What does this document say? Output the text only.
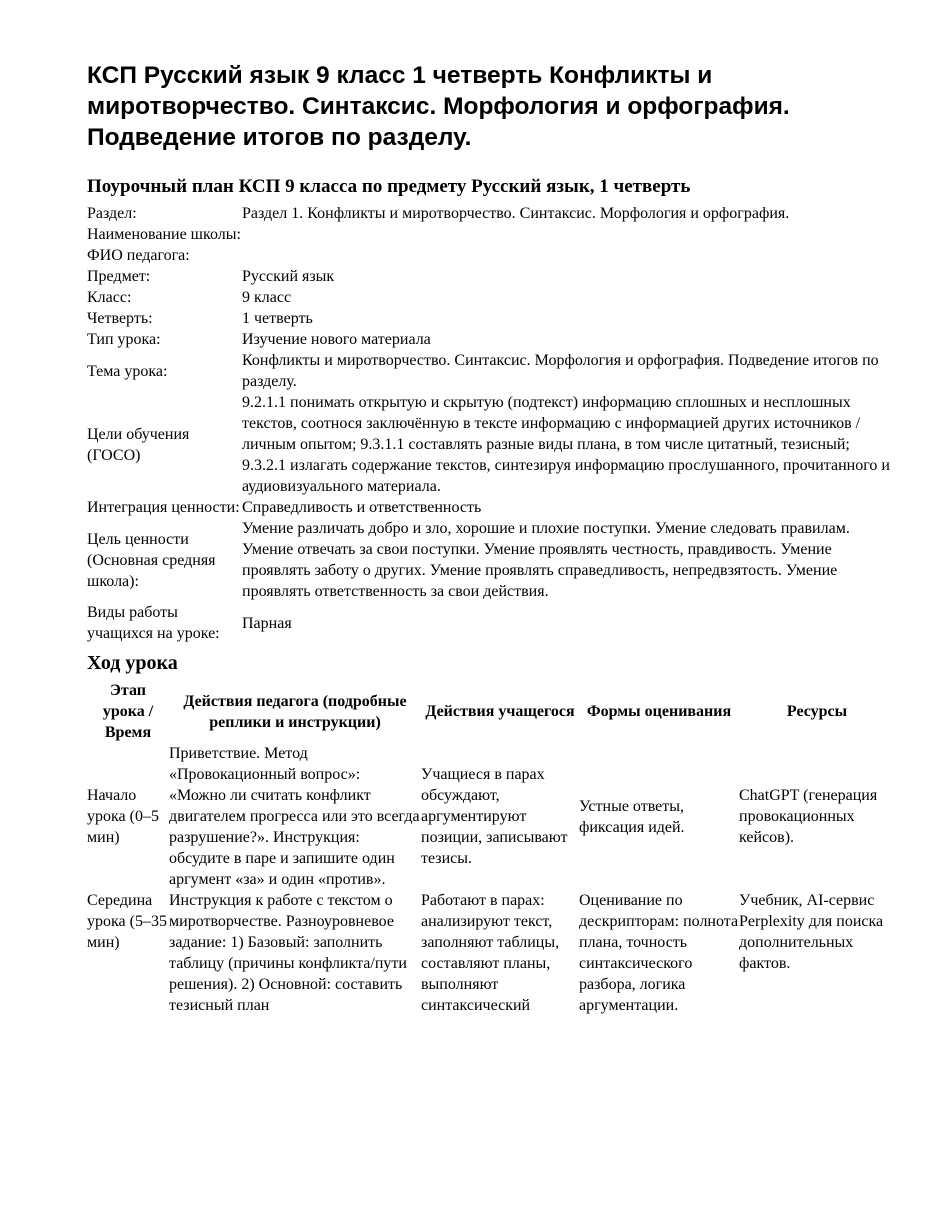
КСП Русский язык 9 класс 1 четверть Конфликты и миротворчество. Синтаксис. Морфология и орфография. Подведение итогов по разделу.
Поурочный план КСП 9 класса по предмету Русский язык, 1 четверть
Раздел:	Раздел 1. Конфликты и миротворчество. Синтаксис. Морфология и орфография.
Наименование школы:	
ФИО педагога:	
Предмет:	Русский язык
Класс:	9 класс
Четверть:	1 четверть
Тип урока:	Изучение нового материала
Тема урока:	Конфликты и миротворчество. Синтаксис. Морфология и орфография. Подведение итогов по разделу.
Цели обучения (ГОСО)	9.2.1.1 понимать открытую и скрытую (подтекст) информацию сплошных и несплошных текстов, соотнося заключённую в тексте информацию с информацией других источников /личным опытом; 9.3.1.1 составлять разные виды плана, в том числе цитатный, тезисный; 9.3.2.1 излагать содержание текстов, синтезируя информацию прослушанного, прочитанного и аудиовизуального материала.
Интеграция ценности:	Справедливость и ответственность
Цель ценности (Основная средняя школа):	Умение различать добро и зло, хорошие и плохие поступки. Умение следовать правилам. Умение отвечать за свои поступки. Умение проявлять честность, правдивость. Умение проявлять заботу о других. Умение проявлять справедливость, непредвзятость. Умение проявлять ответственность за свои действия.
Виды работы учащихся на уроке:	Парная
Ход урока
Этап урока / Время	Действия педагога (подробные реплики и инструкции)	Действия учащегося	Формы оценивания	Ресурсы
Начало урока (0–5 мин)	Приветствие. Метод «Провокационный вопрос»: «Можно ли считать конфликт двигателем прогресса или это всегда разрушение?». Инструкция: обсудите в паре и запишите один аргумент «за» и один «против».	Учащиеся в парах обсуждают, аргументируют позиции, записывают тезисы.	Устные ответы, фиксация идей.	ChatGPT (генерация провокационных кейсов).
Середина урока (5–35 мин)	Инструкция к работе с текстом о миротворчестве. Разноуровневое задание: 1) Базовый: заполнить таблицу (причины конфликта/пути решения). 2) Основной: составить тезисный план	Работают в парах: анализируют текст, заполняют таблицы, составляют планы, выполняют синтаксический	Оценивание по дескрипторам: полнота плана, точность синтаксического разбора, логика аргументации.	Учебник, AI-сервис Perplexity для поиска дополнительных фактов.
